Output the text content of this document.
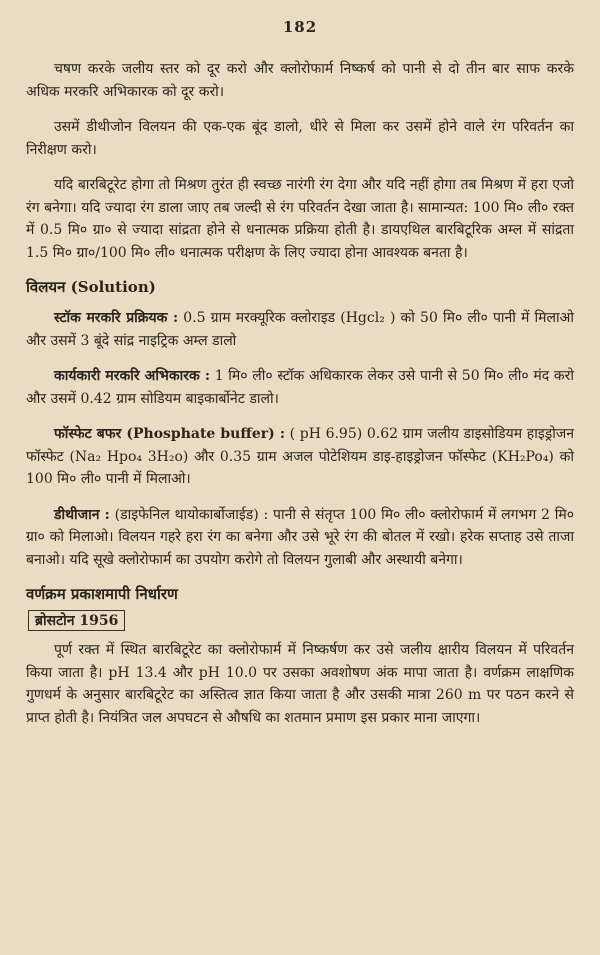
182

चषण करके जलीय स्तर को दूर करो और क्लोरोफार्म निष्कर्ष को पानी से दो तीन बार साफ करके अधिक मरकरि अभिकारक को दूर करो।

उसमें डीथीजोन विलयन की एक-एक बूंद डालो, धीरे से मिला कर उसमें होने वाले रंग परिवर्तन का निरीक्षण करो।

यदि बारबिटूरेट होगा तो मिश्रण तुरंत ही स्वच्छ नारंगी रंग देगा और यदि नहीं होगा तब मिश्रण में हरा एजो रंग बनेगा। यदि ज्यादा रंग डाला जाए तब जल्दी से रंग परिवर्तन देखा जाता है। सामान्यत: 100 मि० ली० रक्त में 0.5 मि० ग्रा० से ज्यादा सांद्रता होने से धनात्मक प्रक्रिया होती है। डायएथिल बारबिटूरिक अम्ल में सांद्रता 1.5 मि० ग्रा०/100 मि० ली० धनात्मक परीक्षण के लिए ज्यादा होना आवश्यक बनता है।

विलयन (Solution)

स्टॉक मरकरि प्रक्रियक : 0.5 ग्राम मरक्यूरिक क्लोराइड (Hgcl₂ ) को 50 मि० ली० पानी में मिलाओ और उसमें 3 बूंदे सांद्र नाइट्रिक अम्ल डालो

कार्यकारी मरकरि अभिकारक : 1 मि० ली० स्टॉक अधिकारक लेकर उसे पानी से 50 मि० ली० मंद करो और उसमें 0.42 ग्राम सोडियम बाइकार्बोनेट डालो।

फॉस्फेट बफर (Phosphate buffer) : ( pH 6.95) 0.62 ग्राम जलीय डाइसोडियम हाइड्रोजन फॉस्फेट (Na₂ Hpo₄ 3H₂o) और 0.35 ग्राम अजल पोटेशियम डाइ-हाइड्रोजन फॉस्फेट (KH₂Po₄) को 100 मि० ली० पानी में मिलाओ।

डीथीजान : (डाइफेनिल थायोकार्बोजाईड) : पानी से संतृप्त 100 मि० ली० क्लोरोफार्म में लगभग 2 मि० ग्रा० को मिलाओ। विलयन गहरे हरा रंग का बनेगा और उसे भूरे रंग की बोतल में रखो। हरेक सप्ताह उसे ताजा बनाओ। यदि सूखे क्लोरोफार्म का उपयोग करोगे तो विलयन गुलाबी और अस्थायी बनेगा।

वर्णक्रम प्रकाशमापी निर्धारण
ब्रोसटोन 1956

पूर्ण रक्त में स्थित बारबिटूरेट का क्लोरोफार्म में निष्कर्षण कर उसे जलीय क्षारीय विलयन में परिवर्तन किया जाता है। pH 13.4 और pH 10.0 पर उसका अवशोषण अंक मापा जाता है। वर्णक्रम लाक्षणिक गुणधर्म के अनुसार बारबिटूरेट का अस्तित्व ज्ञात किया जाता है और उसकी मात्रा 260 m पर पठन करने से प्राप्त होती है। नियंत्रित जल अपघटन से औषधि का शतमान प्रमाण इस प्रकार माना जाएगा।
